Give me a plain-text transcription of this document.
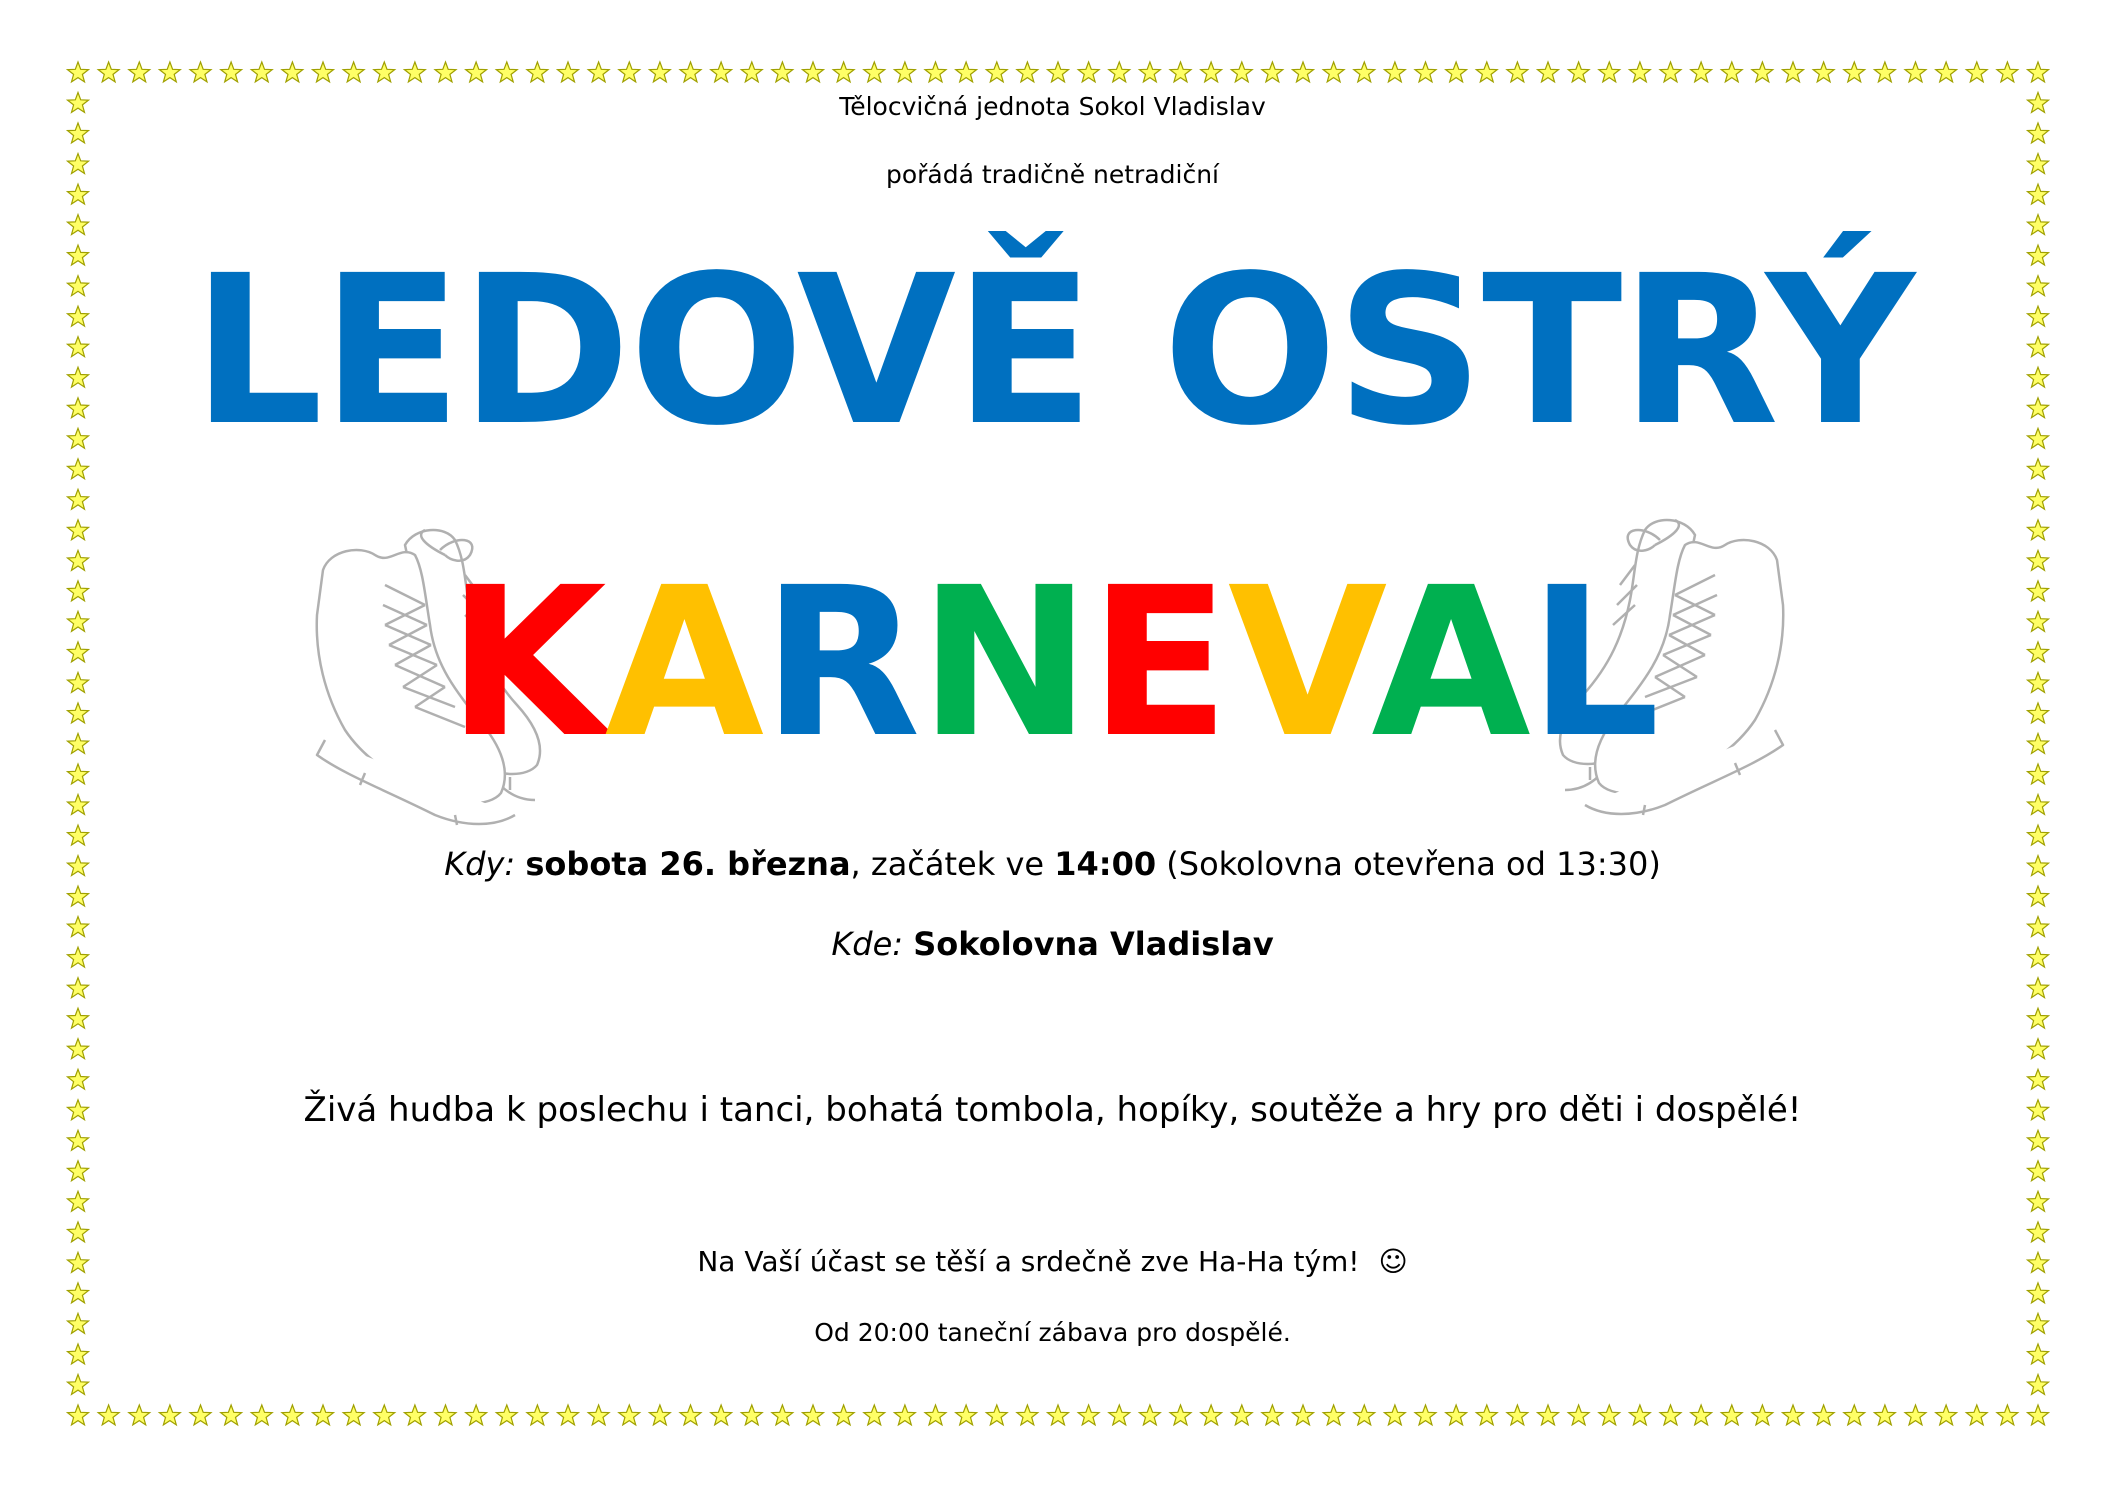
Tělocvičná jednota Sokol Vladislav
pořádá tradičně netradiční
LEDOVĚ OSTRÝ
KARNEVAL
Kdy: sobota 26. března, začátek ve 14:00 (Sokolovna otevřena od 13:30)
Kde: Sokolovna Vladislav
Živá hudba k poslechu i tanci, bohatá tombola, hopíky, soutěže a hry pro děti i dospělé!
Na Vaší účast se těší a srdečně zve Ha-Ha tým! ☺
Od 20:00 taneční zábava pro dospělé.
